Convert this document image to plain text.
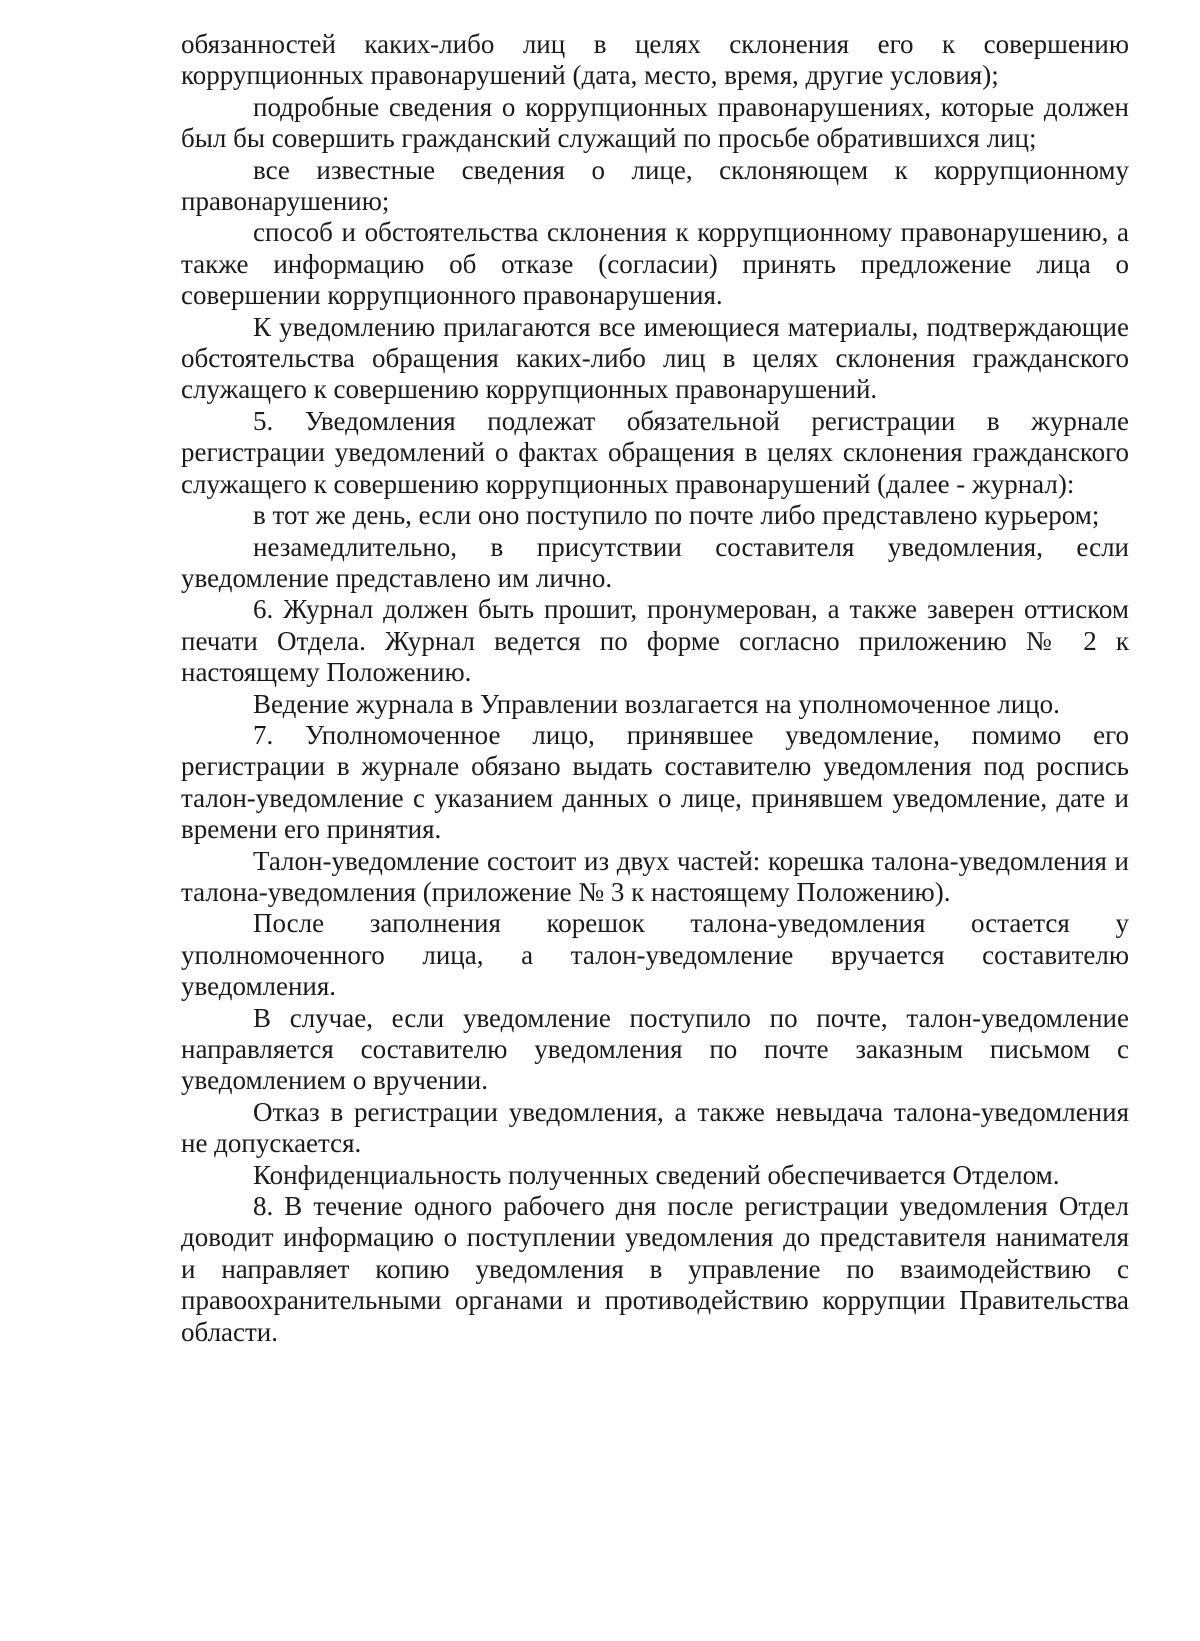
обязанностей каких-либо лиц в целях склонения его к совершению коррупционных правонарушений (дата, место, время, другие условия);

подробные сведения о коррупционных правонарушениях, которые должен был бы совершить гражданский служащий по просьбе обратившихся лиц;

все известные сведения о лице, склоняющем к коррупционному правонарушению;

способ и обстоятельства склонения к коррупционному правонарушению, а также информацию об отказе (согласии) принять предложение лица о совершении коррупционного правонарушения.

К уведомлению прилагаются все имеющиеся материалы, подтверждающие обстоятельства обращения каких-либо лиц в целях склонения гражданского служащего к совершению коррупционных правонарушений.

5. Уведомления подлежат обязательной регистрации в журнале регистрации уведомлений о фактах обращения в целях склонения гражданского служащего к совершению коррупционных правонарушений (далее - журнал):

в тот же день, если оно поступило по почте либо представлено курьером;

незамедлительно, в присутствии составителя уведомления, если уведомление представлено им лично.

6. Журнал должен быть прошит, пронумерован, а также заверен оттиском печати Отдела. Журнал ведется по форме согласно приложению № 2 к настоящему Положению.

Ведение журнала в Управлении возлагается на уполномоченное лицо.

7. Уполномоченное лицо, принявшее уведомление, помимо его регистрации в журнале обязано выдать составителю уведомления под роспись талон-уведомление с указанием данных о лице, принявшем уведомление, дате и времени его принятия.

Талон-уведомление состоит из двух частей: корешка талона-уведомления и талона-уведомления (приложение № 3 к настоящему Положению).

После заполнения корешок талона-уведомления остается у уполномоченного лица, а талон-уведомление вручается составителю уведомления.

В случае, если уведомление поступило по почте, талон-уведомление направляется составителю уведомления по почте заказным письмом с уведомлением о вручении.

Отказ в регистрации уведомления, а также невыдача талона-уведомления не допускается.

Конфиденциальность полученных сведений обеспечивается Отделом.

8. В течение одного рабочего дня после регистрации уведомления Отдел доводит информацию о поступлении уведомления до представителя нанимателя и направляет копию уведомления в управление по взаимодействию с правоохранительными органами и противодействию коррупции Правительства области.
